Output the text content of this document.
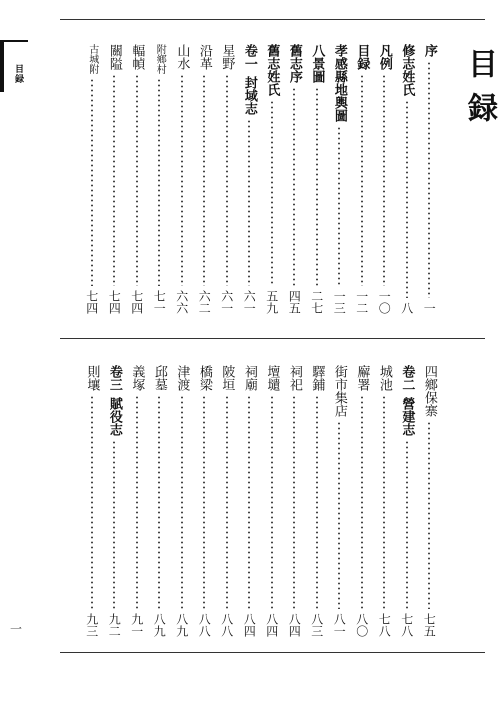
目録
一
目録
序
一
修志姓氏
八
凡例
一〇
目録
一二
孝感縣地輿圖
一三
八景圖
二七
舊志序
四五
舊志姓氏
五九
卷一
封域志
六一
星野
六一
沿革
六二
山水
六六
附鄉村
七一
輻幀
七四
關隘
七四
古城附
七四
四鄉保寨
七五
卷二
營建志
七八
城池
七八
廨署
八〇
街市集店
八一
驛鋪
八三
祠祀
八四
壇壝
八四
祠廟
八四
陂垣
八八
橋梁
八八
津渡
八九
邱墓
八九
義塚
九一
卷三
賦役志
九二
則壤
九三
